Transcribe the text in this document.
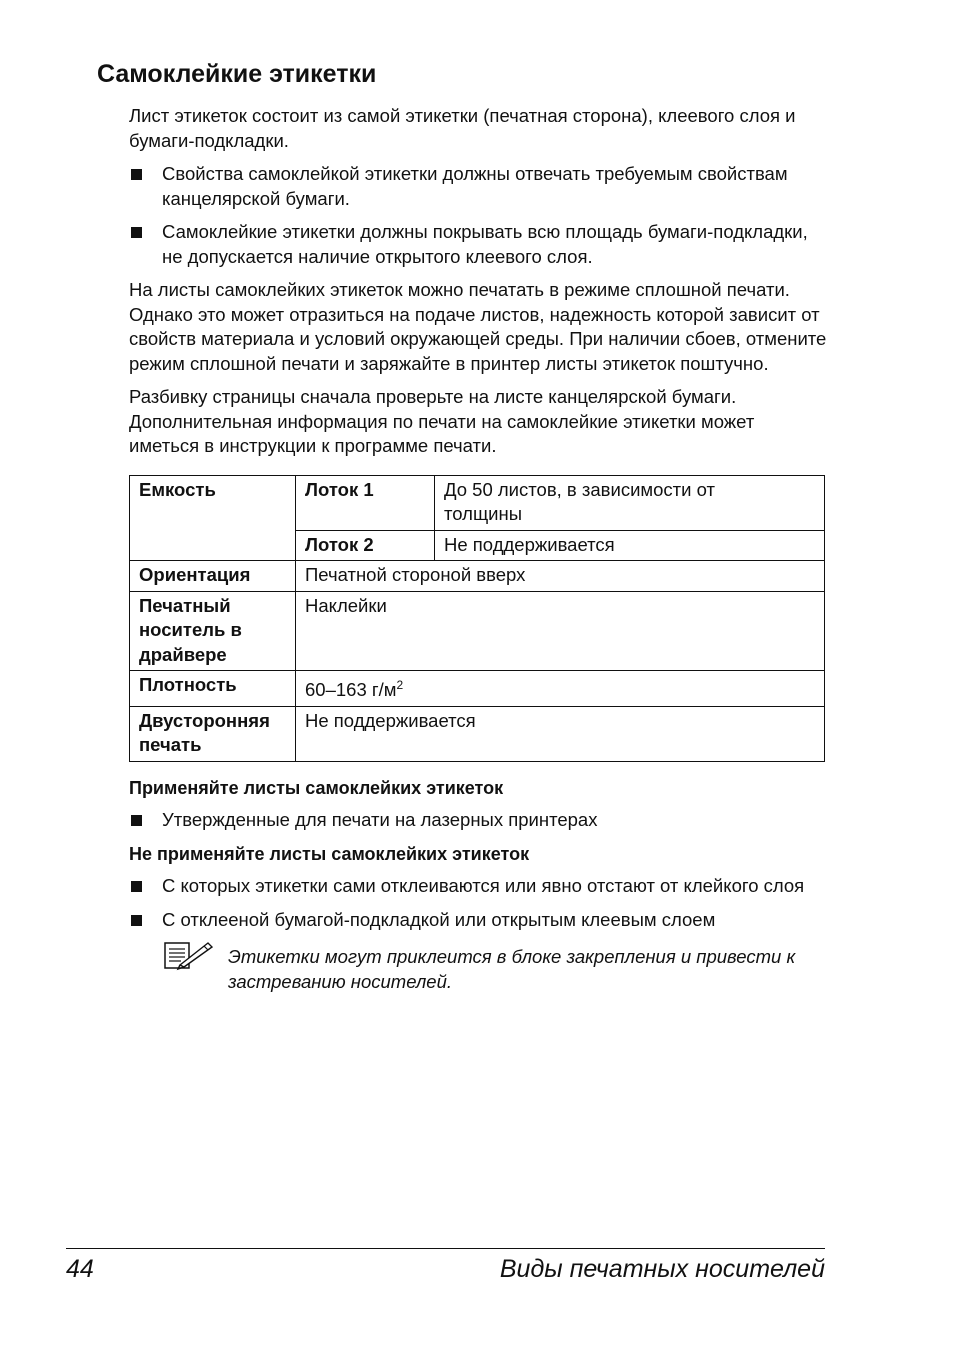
Самоклейкие этикетки

Лист этикеток состоит из самой этикетки (печатная сторона), клеевого слоя и бумаги-подкладки.

Свойства самоклейкой этикетки должны отвечать требуемым свойствам канцелярской бумаги.
Самоклейкие этикетки должны покрывать всю площадь бумаги-подкладки, не допускается наличие открытого клеевого слоя.

На листы самоклейких этикеток можно печатать в режиме сплошной печати. Однако это может отразиться на подаче листов, надежность которой зависит от свойств материала и условий окружающей среды. При наличии сбоев, отмените режим сплошной печати и заряжайте в принтер листы этикеток поштучно.

Разбивку страницы сначала проверьте на листе канцелярской бумаги. Дополнительная информация по печати на самоклейкие этикетки может иметься в инструкции к программе печати.

Емкость	Лоток 1	До 50 листов, в зависимости от толщины
	Лоток 2	Не поддерживается
Ориентация	Печатной стороной вверх	
Печатный носитель в драйвере	Наклейки	
Плотность	60–163 $г/м^2$
Двусторонняя печать	Не поддерживается	

Применяйте листы самоклейких этикеток

Утвержденные для печати на лазерных принтерах

Не применяйте листы самоклейких этикеток

С которых этикетки сами отклеиваются или явно отстают от клейкого слоя
С отклееной бумагой-подкладкой или открытым клеевым слоем
Этикетки могут приклеится в блоке закрепления и привести к застреванию носителей.
44	Виды печатных носителей
